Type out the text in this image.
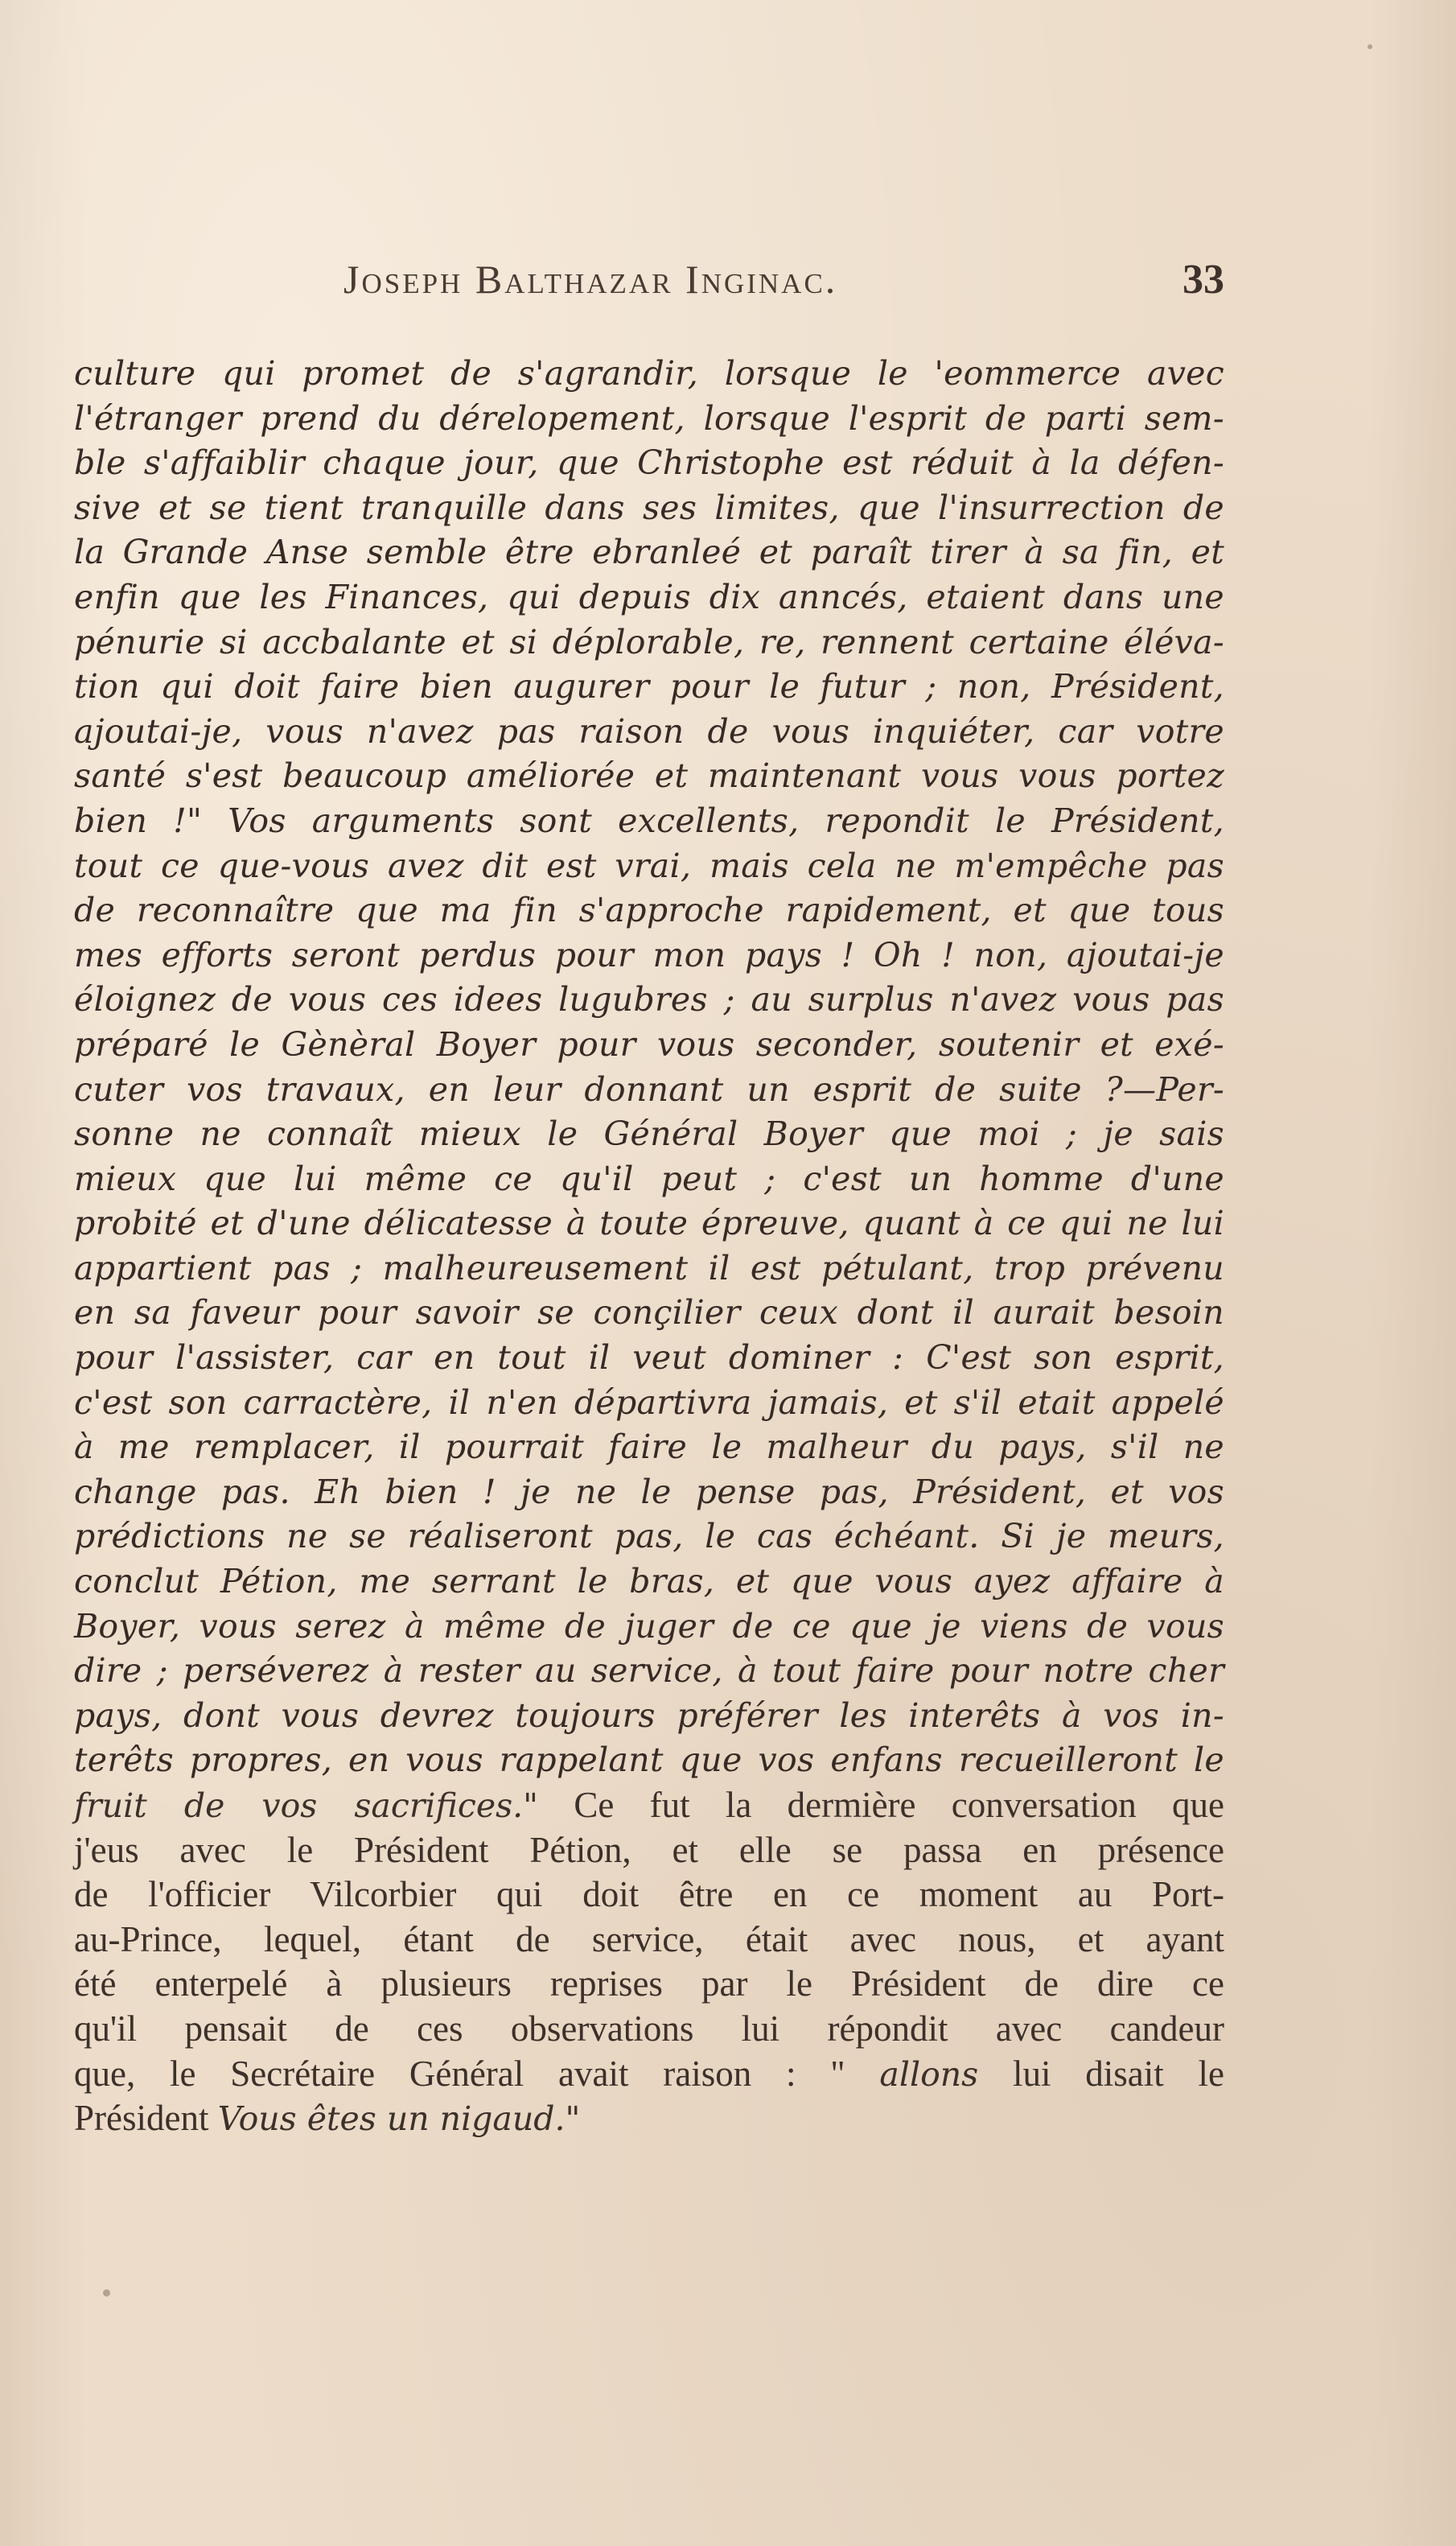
Joseph Balthazar Inginac.	33
culture qui promet de s'agrandir, lorsque le 'eommerce avec
l'étranger prend du dérelopement, lorsque l'esprit de parti sem-
ble s'affaiblir chaque jour, que Christophe est réduit à la défen-
sive et se tient tranquille dans ses limites, que l'insurrection de
la Grande Anse semble être ebranleé et paraît tirer à sa fin, et
enfin que les Finances, qui depuis dix anncés, etaient dans une
pénurie si accbalante et si déplorable, re, rennent certaine éléva-
tion qui doit faire bien augurer pour le futur ; non, Président,
ajoutai-je, vous n'avez pas raison de vous inquiéter, car votre
santé s'est beaucoup améliorée et maintenant vous vous portez
bien !" Vos arguments sont excellents, repondit le Président,
tout ce que-vous avez dit est vrai, mais cela ne m'empêche pas
de reconnaître que ma fin s'approche rapidement, et que tous
mes efforts seront perdus pour mon pays ! Oh ! non, ajoutai-je
éloignez de vous ces idees lugubres ; au surplus n'avez vous pas
préparé le Gènèral Boyer pour vous seconder, soutenir et exé-
cuter vos travaux, en leur donnant un esprit de suite ?—Per-
sonne ne connaît mieux le Général Boyer que moi ; je sais
mieux que lui même ce qu'il peut ; c'est un homme d'une
probité et d'une délicatesse à toute épreuve, quant à ce qui ne lui
appartient pas ; malheureusement il est pétulant, trop prévenu
en sa faveur pour savoir se conçilier ceux dont il aurait besoin
pour l'assister, car en tout il veut dominer : C'est son esprit,
c'est son carractère, il n'en départivra jamais, et s'il etait appelé
à me remplacer, il pourrait faire le malheur du pays, s'il ne
change pas. Eh bien ! je ne le pense pas, Président, et vos
prédictions ne se réaliseront pas, le cas échéant. Si je meurs,
conclut Pétion, me serrant le bras, et que vous ayez affaire à
Boyer, vous serez à même de juger de ce que je viens de vous
dire ; perséverez à rester au service, à tout faire pour notre cher
pays, dont vous devrez toujours préférer les interêts à vos in-
terêts propres, en vous rappelant que vos enfans recueilleront le
fruit de vos sacrifices." Ce fut la dermière conversation que
j'eus avec le Président Pétion, et elle se passa en présence
de l'officier Vilcorbier qui doit être en ce moment au Port-
au-Prince, lequel, étant de service, était avec nous, et ayant
été enterpelé à plusieurs reprises par le Président de dire ce
qu'il pensait de ces observations lui répondit avec candeur
que, le Secrétaire Général avait raison : " allons lui disait le
Président Vous êtes un nigaud."
